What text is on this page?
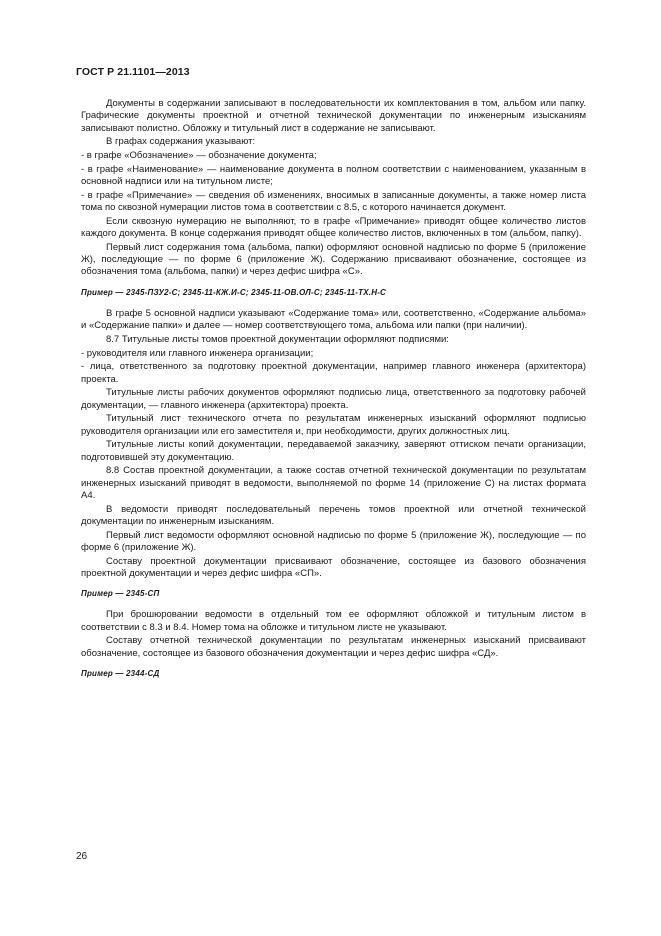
ГОСТ Р 21.1101—2013

Документы в содержании записывают в последовательности их комплектования в том, альбом или папку. Графические документы проектной и отчетной технической документации по инженерным изысканиям записывают полистно. Обложку и титульный лист в содержание не записывают.

В графах содержания указывают:

- в графе «Обозначение» — обозначение документа;

- в графе «Наименование» — наименование документа в полном соответствии с наименованием, указанным в основной надписи или на титульном листе;

- в графе «Примечание» — сведения об изменениях, вносимых в записанные документы, а также номер листа тома по сквозной нумерации листов тома в соответствии с 8.5, с которого начинается документ.

Если сквозную нумерацию не выполняют, то в графе «Примечание» приводят общее количество листов каждого документа. В конце содержания приводят общее количество листов, включенных в том (альбом, папку).

Первый лист содержания тома (альбома, папки) оформляют основной надписью по форме 5 (приложение Ж), последующие — по форме 6 (приложение Ж). Содержанию присваивают обозначение, состоящее из обозначения тома (альбома, папки) и через дефис шифра «С».

Пример — 2345-ПЗУ2-С; 2345-11-КЖ.И-С; 2345-11-ОВ.ОЛ-С; 2345-11-ТХ.Н-С

В графе 5 основной надписи указывают «Содержание тома» или, соответственно, «Содержание альбома» и «Содержание папки» и далее — номер соответствующего тома, альбома или папки (при наличии).

8.7 Титульные листы томов проектной документации оформляют подписями:

- руководителя или главного инженера организации;

- лица, ответственного за подготовку проектной документации, например главного инженера (архитектора) проекта.

Титульные листы рабочих документов оформляют подписью лица, ответственного за подготовку рабочей документации, — главного инженера (архитектора) проекта.

Титульный лист технического отчета по результатам инженерных изысканий оформляют подписью руководителя организации или его заместителя и, при необходимости, других должностных лиц.

Титульные листы копий документации, передаваемой заказчику, заверяют оттиском печати организации, подготовившей эту документацию.

8.8 Состав проектной документации, а также состав отчетной технической документации по результатам инженерных изысканий приводят в ведомости, выполняемой по форме 14 (приложение С) на листах формата А4.

В ведомости приводят последовательный перечень томов проектной или отчетной технической документации по инженерным изысканиям.

Первый лист ведомости оформляют основной надписью по форме 5 (приложение Ж), последующие — по форме 6 (приложение Ж).

Составу проектной документации присваивают обозначение, состоящее из базового обозначения проектной документации и через дефис шифра «СП».

Пример — 2345-СП

При брошюровании ведомости в отдельный том ее оформляют обложкой и титульным листом в соответствии с 8.3 и 8.4. Номер тома на обложке и титульном листе не указывают.

Составу отчетной технической документации по результатам инженерных изысканий присваивают обозначение, состоящее из базового обозначения документации и через дефис шифра «СД».

Пример — 2344-СД

26
